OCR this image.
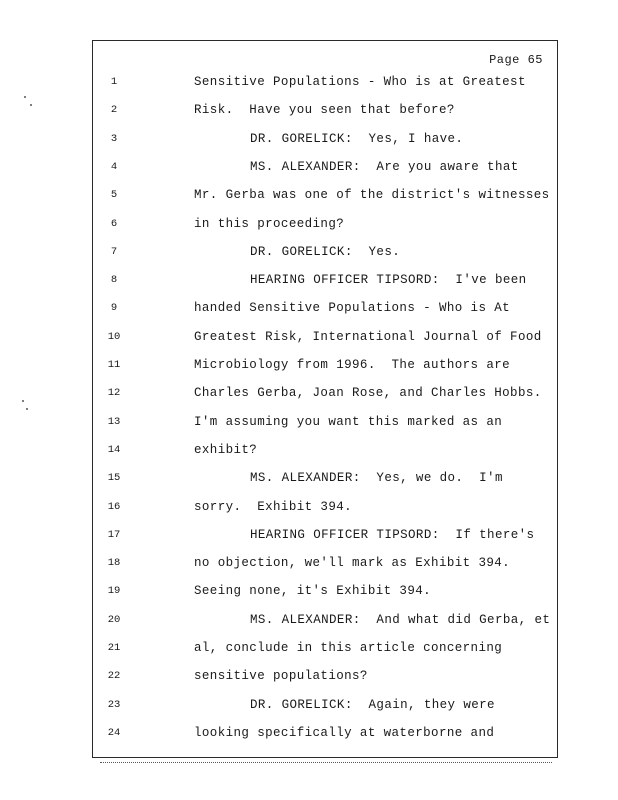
Page 65
1	Sensitive Populations - Who is at Greatest
2	Risk.  Have you seen that before?
3	DR. GORELICK:  Yes, I have.
4	MS. ALEXANDER:  Are you aware that
5	Mr. Gerba was one of the district's witnesses
6	in this proceeding?
7	DR. GORELICK:  Yes.
8	HEARING OFFICER TIPSORD:  I've been
9	handed Sensitive Populations - Who is At
10	Greatest Risk, International Journal of Food
11	Microbiology from 1996.  The authors are
12	Charles Gerba, Joan Rose, and Charles Hobbs.
13	I'm assuming you want this marked as an
14	exhibit?
15	MS. ALEXANDER:  Yes, we do.  I'm
16	sorry.  Exhibit 394.
17	HEARING OFFICER TIPSORD:  If there's
18	no objection, we'll mark as Exhibit 394.
19	Seeing none, it's Exhibit 394.
20	MS. ALEXANDER:  And what did Gerba, et
21	al, conclude in this article concerning
22	sensitive populations?
23	DR. GORELICK:  Again, they were
24	looking specifically at waterborne and
